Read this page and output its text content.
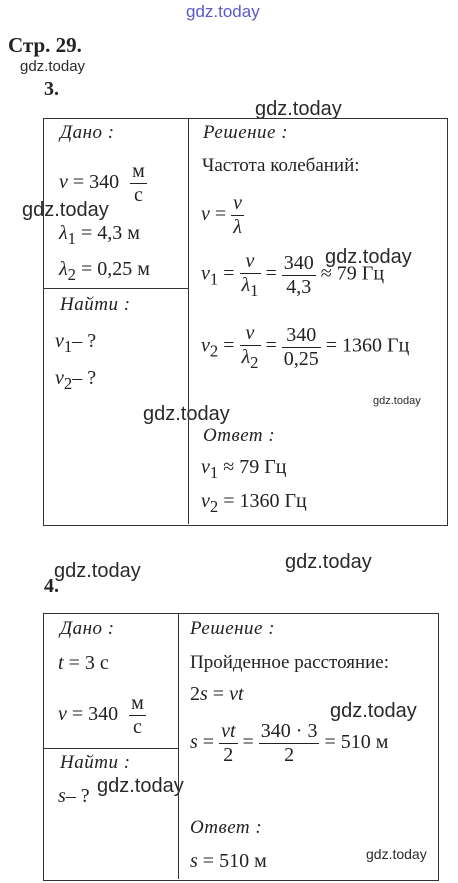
gdz.today
gdz.today
gdz.today
gdz.today
gdz.today
gdz.today
gdz.today
gdz.today	gdz.today
gdz.today
gdz.today
gdz.today
Стр. 29.
3.
Дано :
$v = 340 \frac{м}{с}$
$\lambda_1 = 4,3$ м
$\lambda_2 = 0,25$ м
Найти :
$\nu_1-$ ?
$\nu_2-$ ?
Решение :
Частота колебаний:
$\nu = \frac{v}{\lambda}$
$\nu_1 = \frac{v}{\lambda_1} = \frac{340}{4,3} \approx 79$ Гц
$\nu_2 = \frac{v}{\lambda_2} = \frac{340}{0,25} = 1360$ Гц
Ответ :
$\nu_1 \approx 79$ Гц
$\nu_2 = 1360$ Гц
4.
Дано :
t = 3 с
$v = 340 \frac{м}{с}$
Найти :
s– ?
Решение :
Пройденное расстояние:
2s = vt
$s = \frac{vt}{2} = \frac{340 \cdot 3}{2} = 510$ м
Ответ :
s = 510 м
